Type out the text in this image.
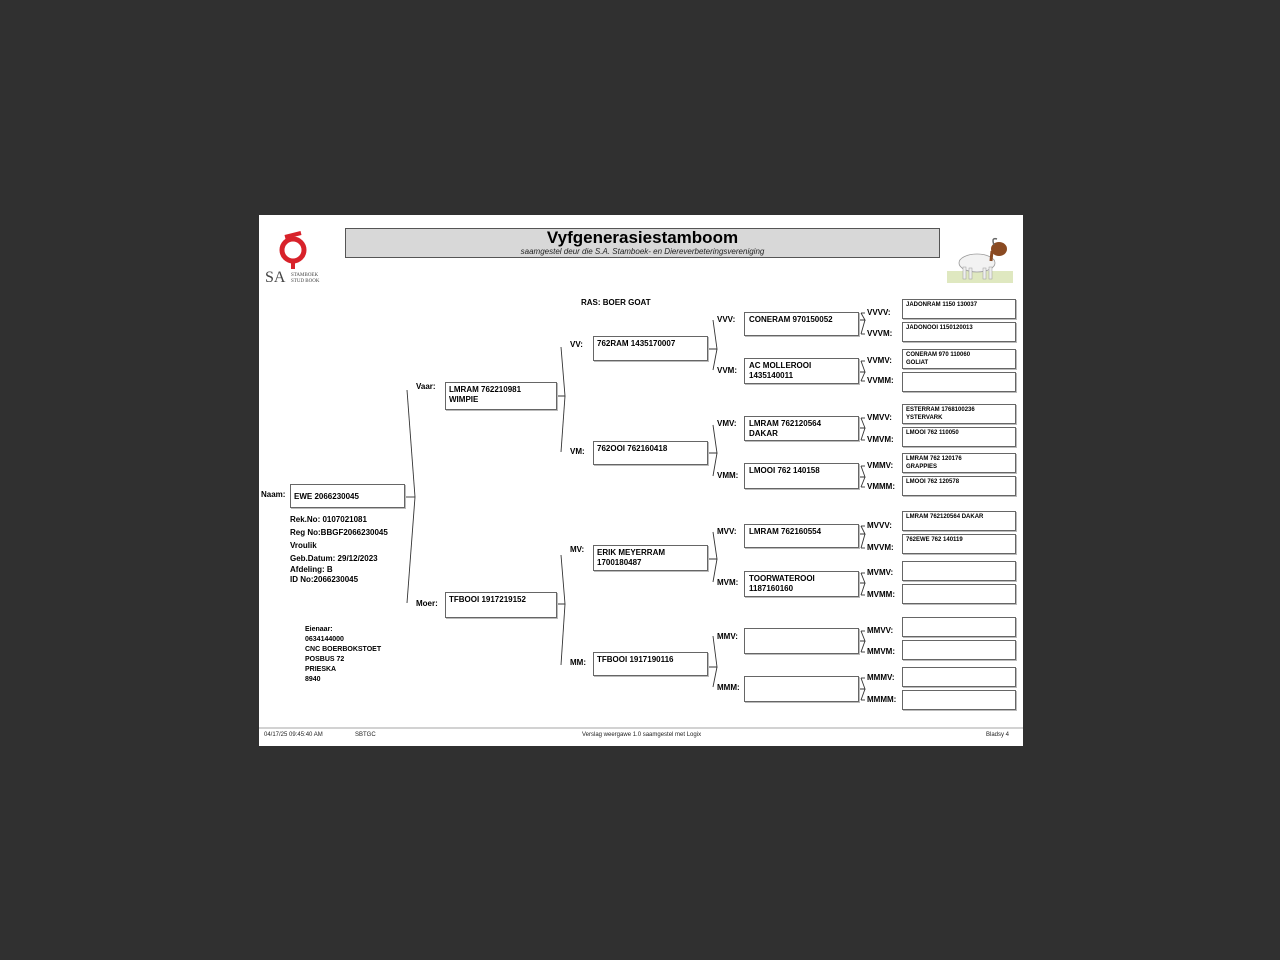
SA STAMBOEK
STUD BOOK
Vyfgenerasiestamboom
saamgestel deur die S.A. Stamboek- en Diereverbeteringsvereniging
RAS: BOER GOAT
Naam:	EWE 2066230045
Rek.No: 0107021081
Reg No:BBGF2066230045
Vroulik
Geb.Datum: 29/12/2023
Afdeling: B
ID No:2066230045
Eienaar:
0634144000
CNC BOERBOKSTOET
POSBUS 72
PRIESKA
8940
Vaar:	LMRAM 762210981
WIMPIE
Moer:	TFBOOI 1917219152
VV:	762RAM 1435170007
VM:	762OOI 762160418
MV:	ERIK MEYERRAM
1700180487
MM:	TFBOOI 1917190116
VVV:	CONERAM 970150052
VVM:
AC MOLLEROOI
1435140011
VMV:	LMRAM 762120564
DAKAR
VMM:
LMOOI 762 140158
MVV:	LMRAM 762160554
MVM:	TOORWATEROOI
1187160160
MMV:
MMM:
VVVV:
JADONRAM 1150 130037
VVVM:
JADONOOI 1150120013
VVMV:
CONERAM 970 110060
GOLIAT
VVMM:
VMVV:
ESTERRAM 1768100236
YSTERVARK
VMVM:
LMOOI 762 110050
VMMV:
LMRAM 762 120176
GRAPPIES
VMMM:	LMOOI 762 120578
MVVV:
LMRAM 762120564 DAKAR
MVVM:
762EWE 762 140119
MVMV:
MVMM:
MMVV:
MMVM:
MMMV:
MMMM:
04/17/25 09:45:40 AM	SBTGC	Verslag weergawe 1.0 saamgestel met Logix	Bladsy 4
